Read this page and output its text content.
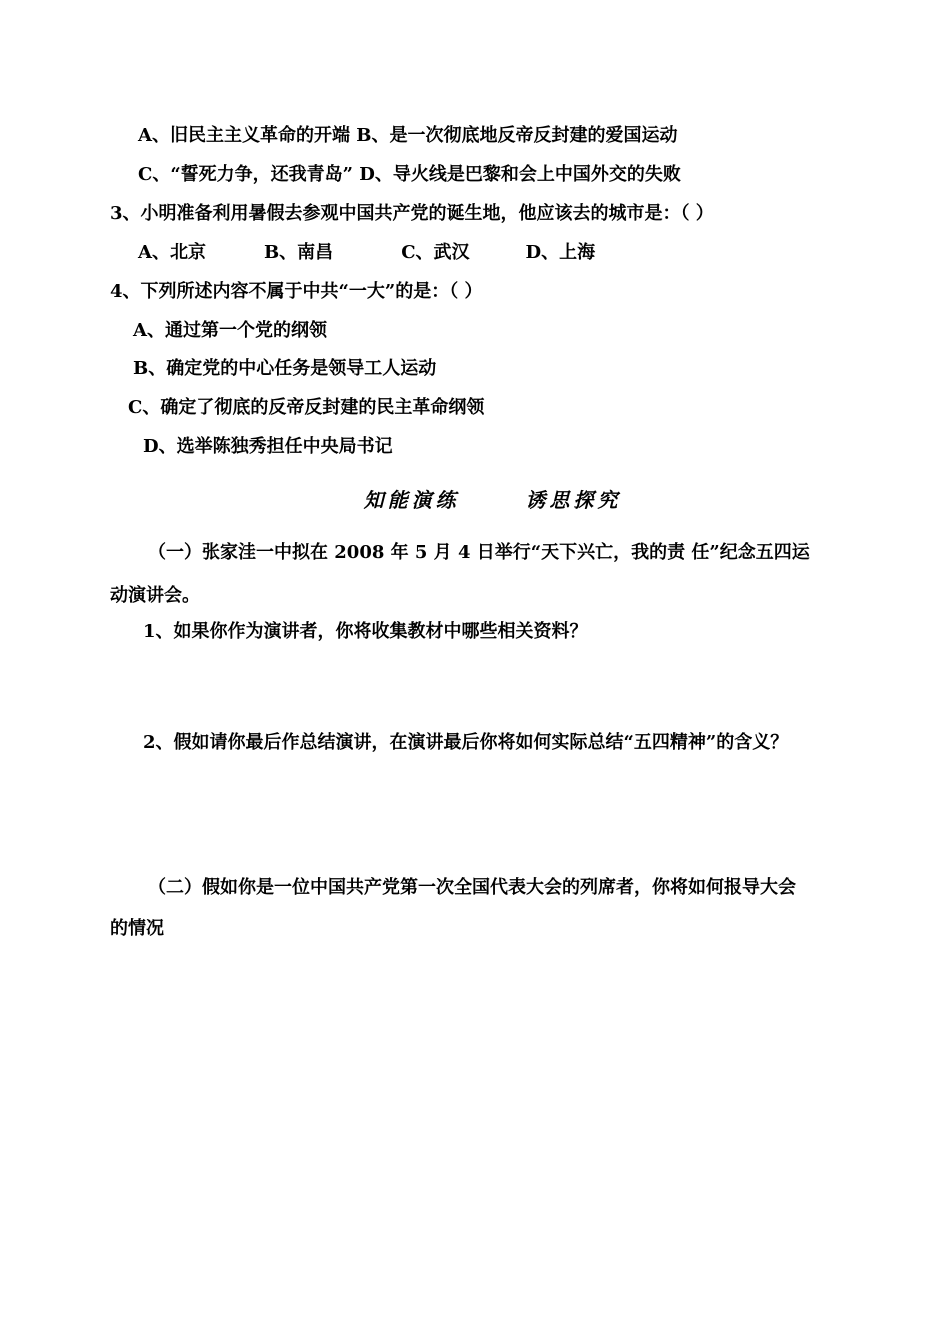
A、旧民主主义革命的开端 B、是一次彻底地反帝反封建的爱国运动
C、“誓死力争，还我青岛” D、导火线是巴黎和会上中国外交的失败
3、小明准备利用暑假去参观中国共产党的诞生地，他应该去的城市是：（ ）
A、北京	B、南昌	C、武汉	D、上海
4、下列所述内容不属于中共“一大”的是：（ ）
A、通过第一个党的纲领
B、确定党的中心任务是领导工人运动
C、确定了彻底的反帝反封建的民主革命纲领
D、选举陈独秀担任中央局书记
知能演练      诱思探究
（一）张家洼一中拟在 2008 年 5 月 4 日举行“天下兴亡，我的责 任”纪念五四运
动演讲会。
1、如果你作为演讲者，你将收集教材中哪些相关资料？
2、假如请你最后作总结演讲，在演讲最后你将如何实际总结“五四精神”的含义？
（二）假如你是一位中国共产党第一次全国代表大会的列席者，你将如何报导大会
的情况
